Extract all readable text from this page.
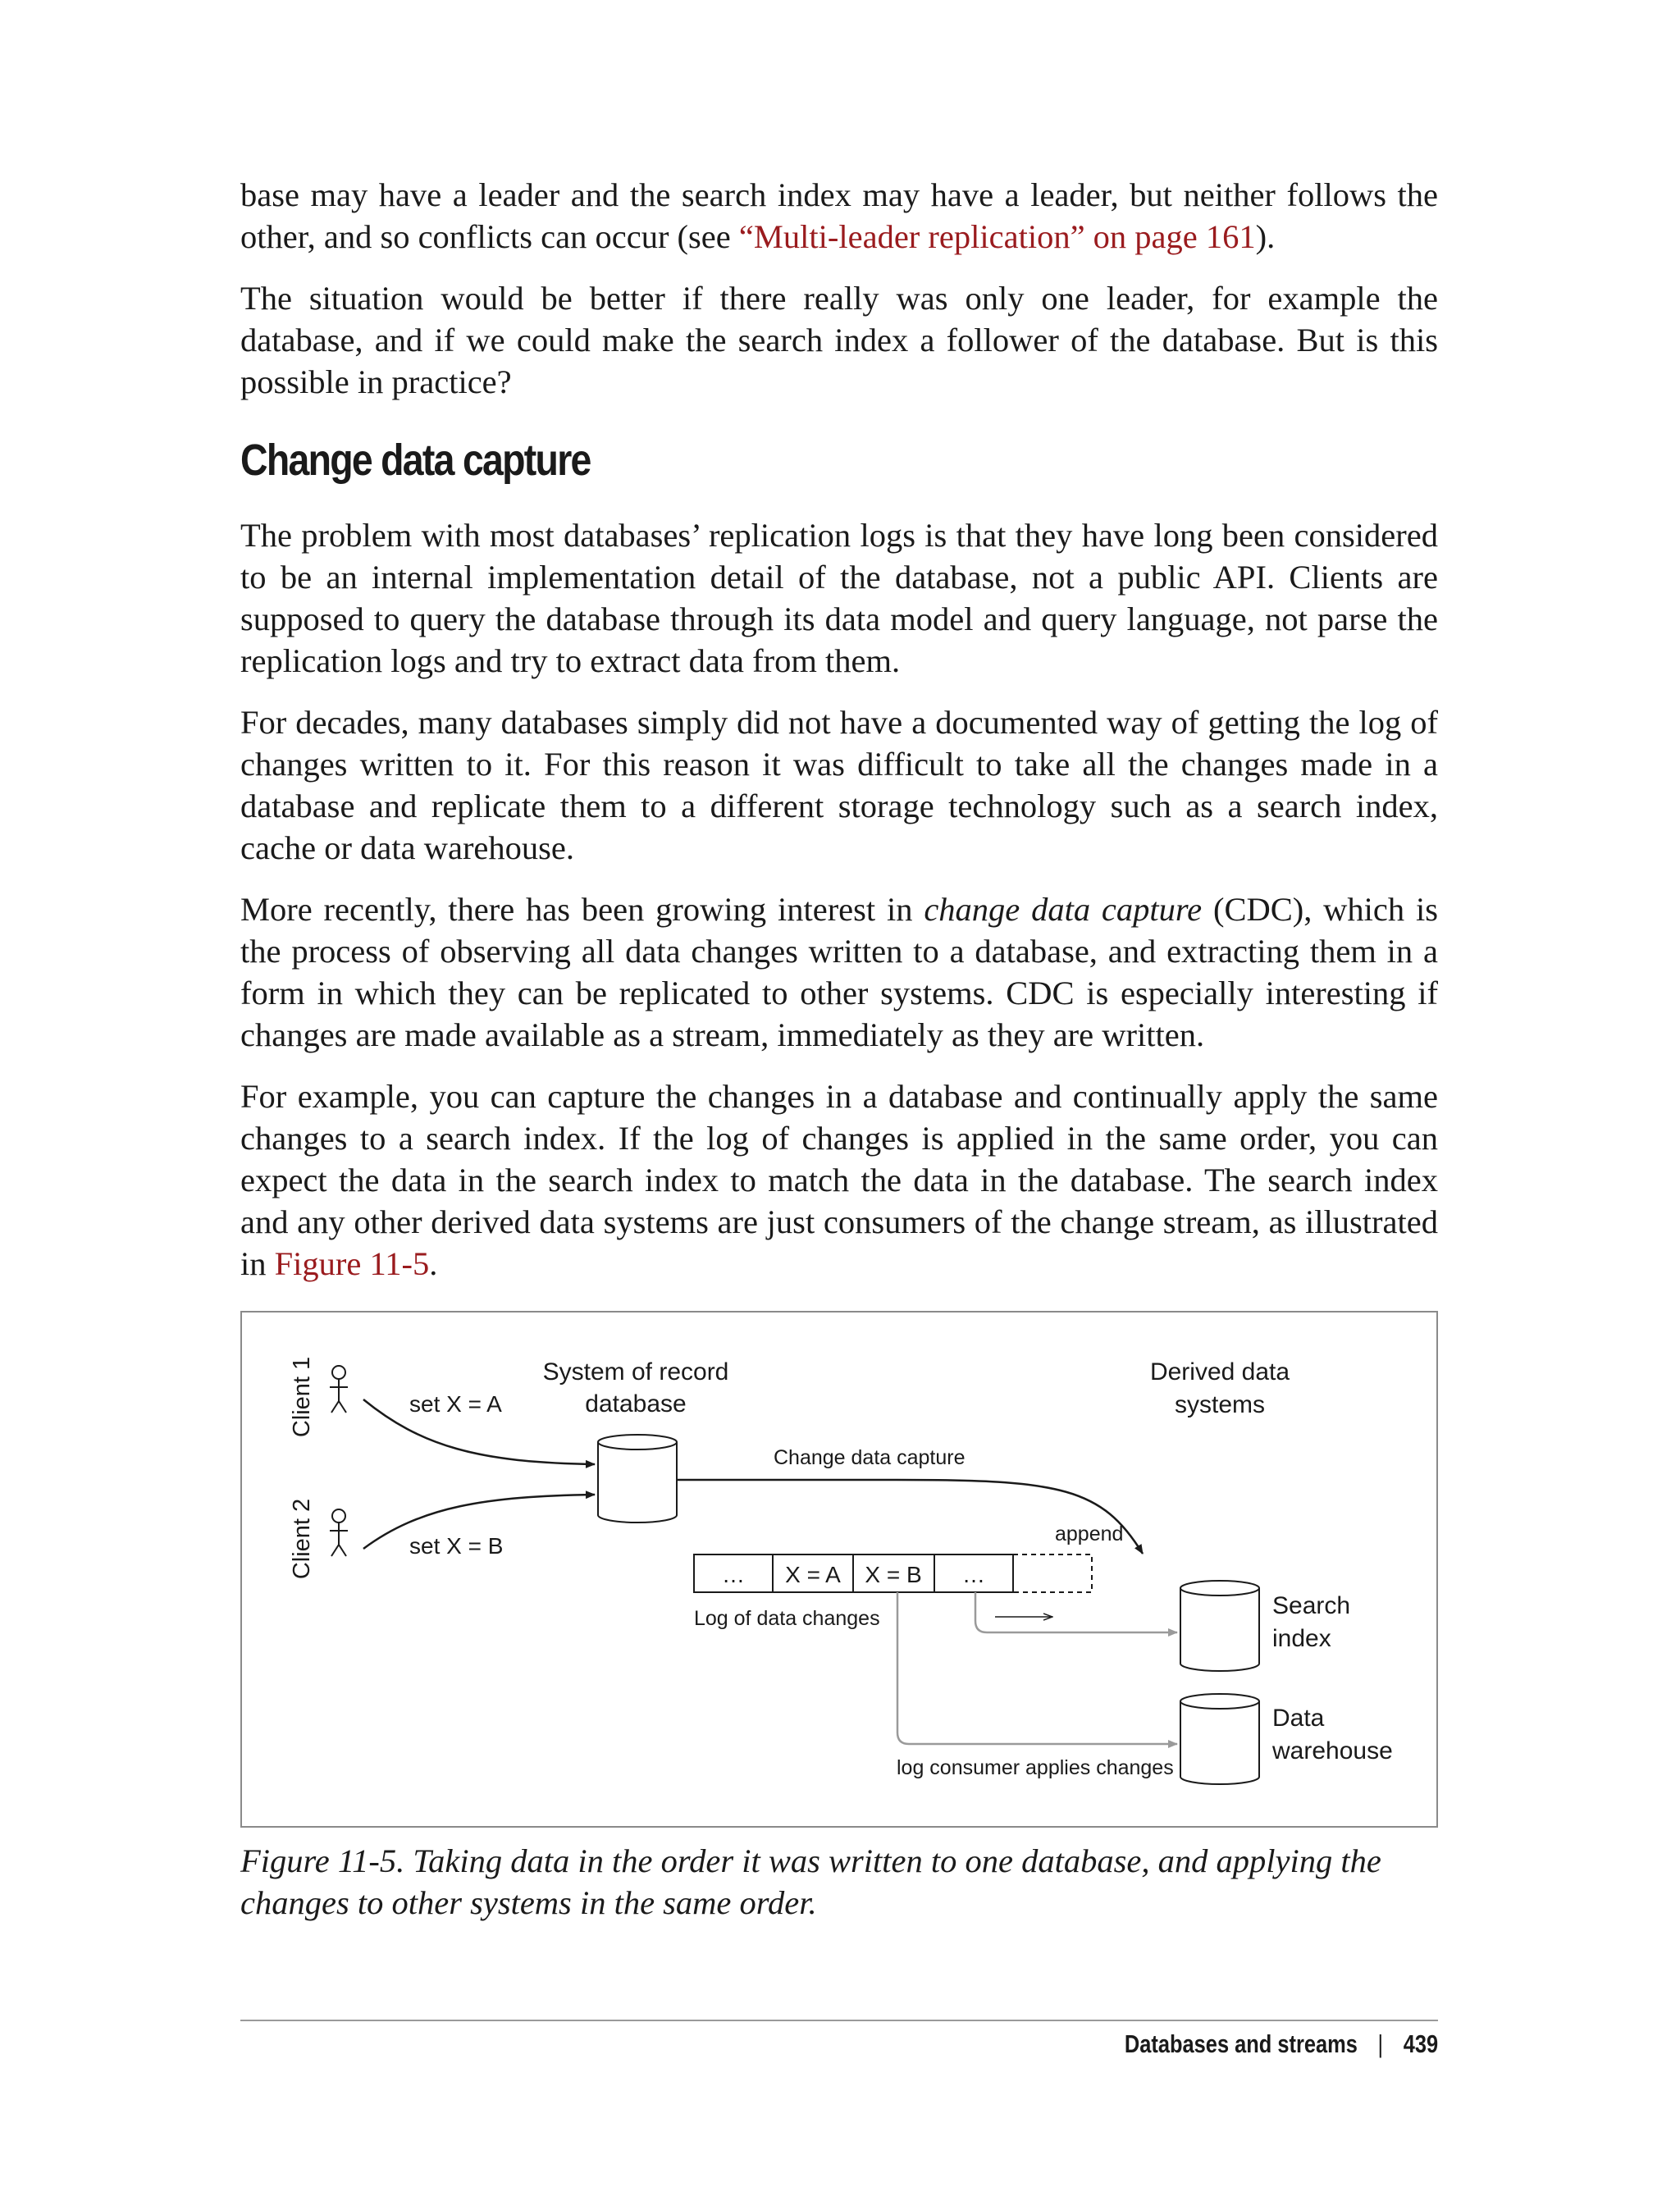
base may have a leader and the search index may have a leader, but neither follows the other, and so conflicts can occur (see “Multi-leader replication” on page 161).

The situation would be better if there really was only one leader, for example the database, and if we could make the search index a follower of the database. But is this possible in practice?

Change data capture

The problem with most databases’ replication logs is that they have long been considered to be an internal implementation detail of the database, not a public API. Clients are supposed to query the database through its data model and query language, not parse the replication logs and try to extract data from them.

For decades, many databases simply did not have a documented way of getting the log of changes written to it. For this reason it was difficult to take all the changes made in a database and replicate them to a different storage technology such as a search index, cache or data warehouse.

More recently, there has been growing interest in change data capture (CDC), which is the process of observing all data changes written to a database, and extracting them in a form in which they can be replicated to other systems. CDC is especially interesting if changes are made available as a stream, immediately as they are written.

For example, you can capture the changes in a database and continually apply the same changes to a search index. If the log of changes is applied in the same order, you can expect the data in the search index to match the data in the database. The search index and any other derived data systems are just consumers of the change stream, as illustrated in Figure 11-5.

Client 1
Client 2
set X = A
set X = B
System of record
database
Derived data
systems
Change data capture
append
… X = A X = B …
Log of data changes
log consumer applies changes
Search
index
Data
warehouse

Figure 11-5. Taking data in the order it was written to one database, and applying the changes to other systems in the same order.

Databases and streams | 439
